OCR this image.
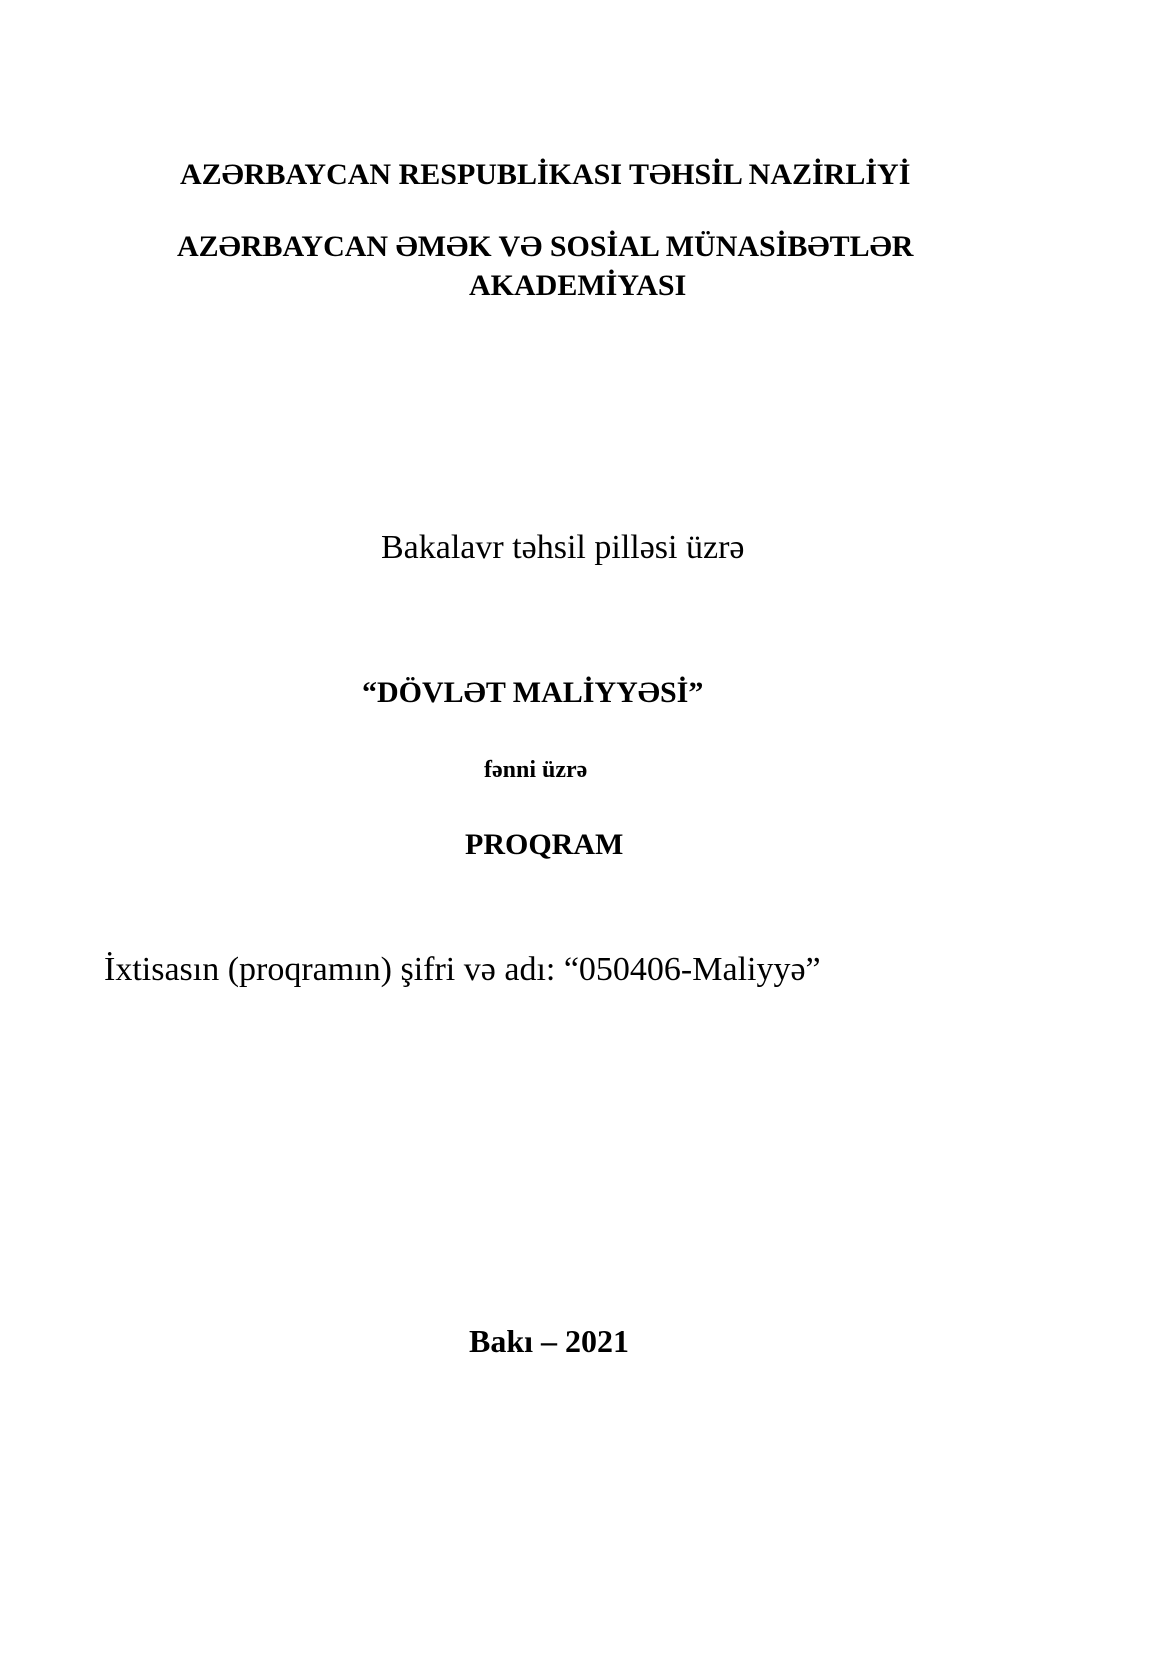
AZƏRBAYCAN RESPUBLİKASI TƏHSİL NAZİRLİYİ
AZƏRBAYCAN ƏMƏK VƏ SOSİAL MÜNASİBƏTLƏR
AKADEMİYASI
Bakalavr təhsil pilləsi üzrə
“DÖVLƏT MALİYYƏSİ”
fənni üzrə
PROQRAM
İxtisasın (proqramın) şifri və adı: “050406-Maliyyə”
Bakı – 2021
